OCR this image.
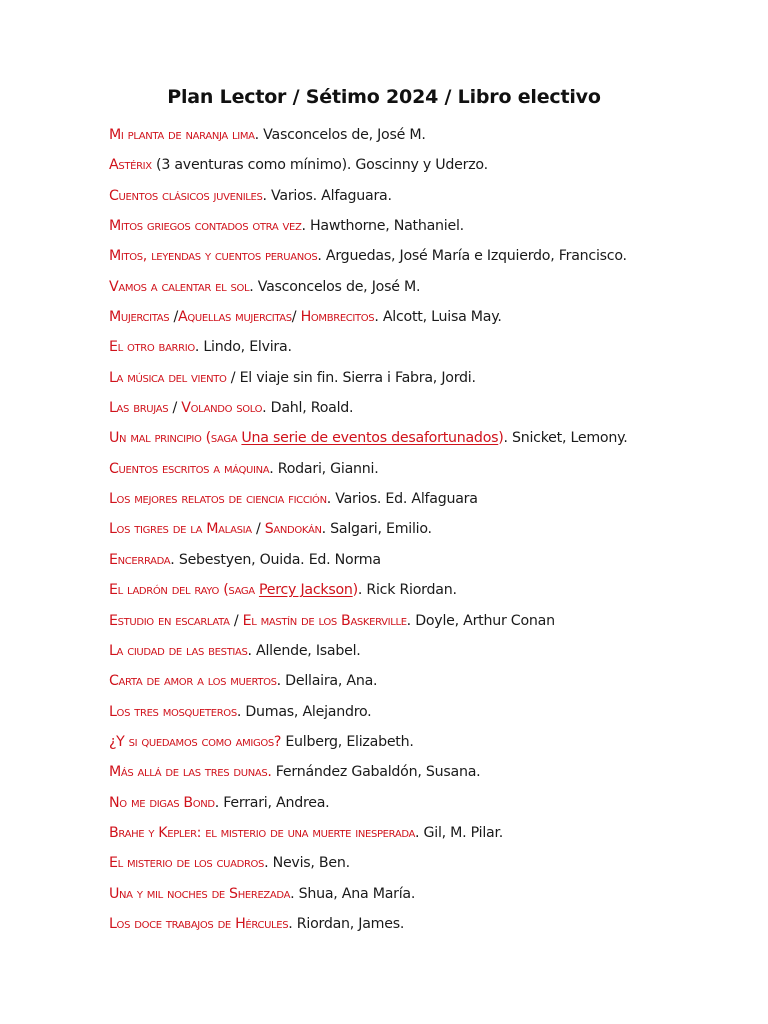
Plan Lector / Sétimo 2024 / Libro electivo
Mi planta de naranja lima. Vasconcelos de, José M.
Astérix (3 aventuras como mínimo). Goscinny y Uderzo.
Cuentos clásicos juveniles. Varios. Alfaguara.
Mitos griegos contados otra vez. Hawthorne, Nathaniel.
Mitos, leyendas y cuentos peruanos. Arguedas, José María e Izquierdo, Francisco.
Vamos a calentar el sol. Vasconcelos de, José M.
Mujercitas /Aquellas mujercitas/ Hombrecitos. Alcott, Luisa May.
El otro barrio. Lindo, Elvira.
La música del viento / El viaje sin fin. Sierra i Fabra, Jordi.
Las brujas / Volando solo. Dahl, Roald.
Un mal principio (saga Una serie de eventos desafortunados). Snicket, Lemony.
Cuentos escritos a máquina. Rodari, Gianni.
Los mejores relatos de ciencia ficción. Varios. Ed. Alfaguara
Los tigres de la Malasia / Sandokán. Salgari, Emilio.
Encerrada. Sebestyen, Ouida. Ed. Norma
El ladrón del rayo (saga Percy Jackson). Rick Riordan.
Estudio en escarlata / El mastín de los Baskerville. Doyle, Arthur Conan
La ciudad de las bestias. Allende, Isabel.
Carta de amor a los muertos. Dellaira, Ana.
Los tres mosqueteros. Dumas, Alejandro.
¿Y si quedamos como amigos? Eulberg, Elizabeth.
Más allá de las tres dunas. Fernández Gabaldón, Susana.
No me digas Bond. Ferrari, Andrea.
Brahe y Kepler: el misterio de una muerte inesperada. Gil, M. Pilar.
El misterio de los cuadros. Nevis, Ben.
Una y mil noches de Sherezada. Shua, Ana María.
Los doce trabajos de Hércules. Riordan, James.
